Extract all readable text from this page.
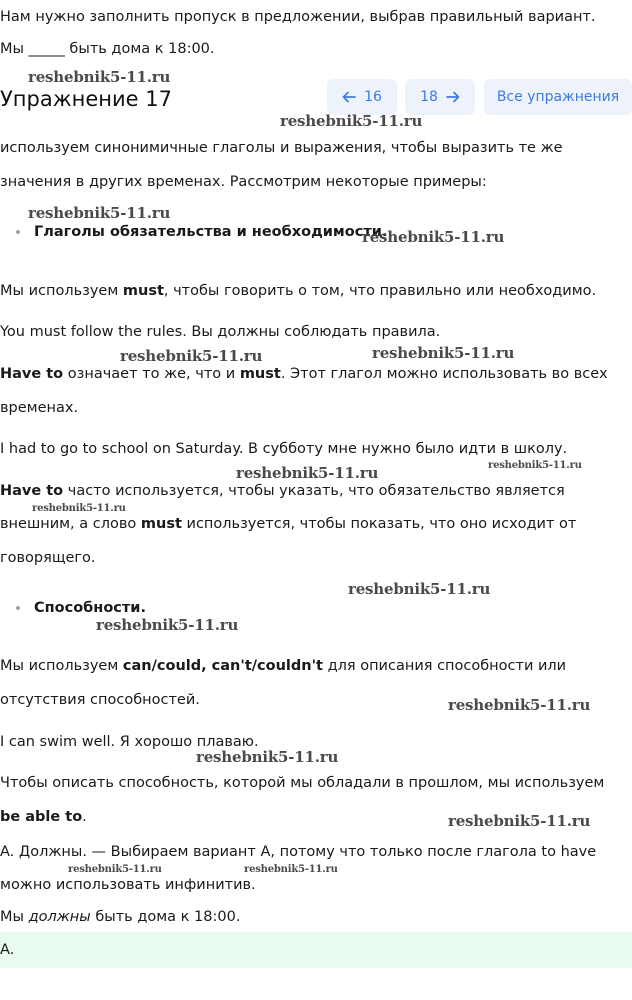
Нам нужно заполнить пропуск в предложении, выбрав правильный вариант.

Мы _____ быть дома к 18:00.

reshebnik5-11.ru
Упражнение 17	16	18	Все упражнения
reshebnik5-11.ru

используем синонимичные глаголы и выражения, чтобы выразить те же

значения в других временах. Рассмотрим некоторые примеры:

reshebnik5-11.ru

Глаголы обязательства и необходимости.

reshebnik5-11.ru

Мы используем must, чтобы говорить о том, что правильно или необходимо.

You must follow the rules. Вы должны соблюдать правила.

reshebnik5-11.ru	reshebnik5-11.ru

Have to означает то же, что и must. Этот глагол можно использовать во всех

временах.

I had to go to school on Saturday. В субботу мне нужно было идти в школу.

reshebnik5-11.ru	reshebnik5-11.ru

Have to часто используется, чтобы указать, что обязательство является

reshebnik5-11.ru

внешним, а слово must используется, чтобы показать, что оно исходит от

говорящего.

reshebnik5-11.ru

Способности.

reshebnik5-11.ru

Мы используем can/could, can't/couldn't для описания способности или

отсутствия способностей.	reshebnik5-11.ru

I can swim well. Я хорошо плаваю.

reshebnik5-11.ru

Чтобы описать способность, которой мы обладали в прошлом, мы используем

be able to.	reshebnik5-11.ru

A. Должны. — Выбираем вариант А, потому что только после глагола to have

reshebnik5-11.ru	reshebnik5-11.ru

можно использовать инфинитив.

Мы должны быть дома к 18:00.

A.
